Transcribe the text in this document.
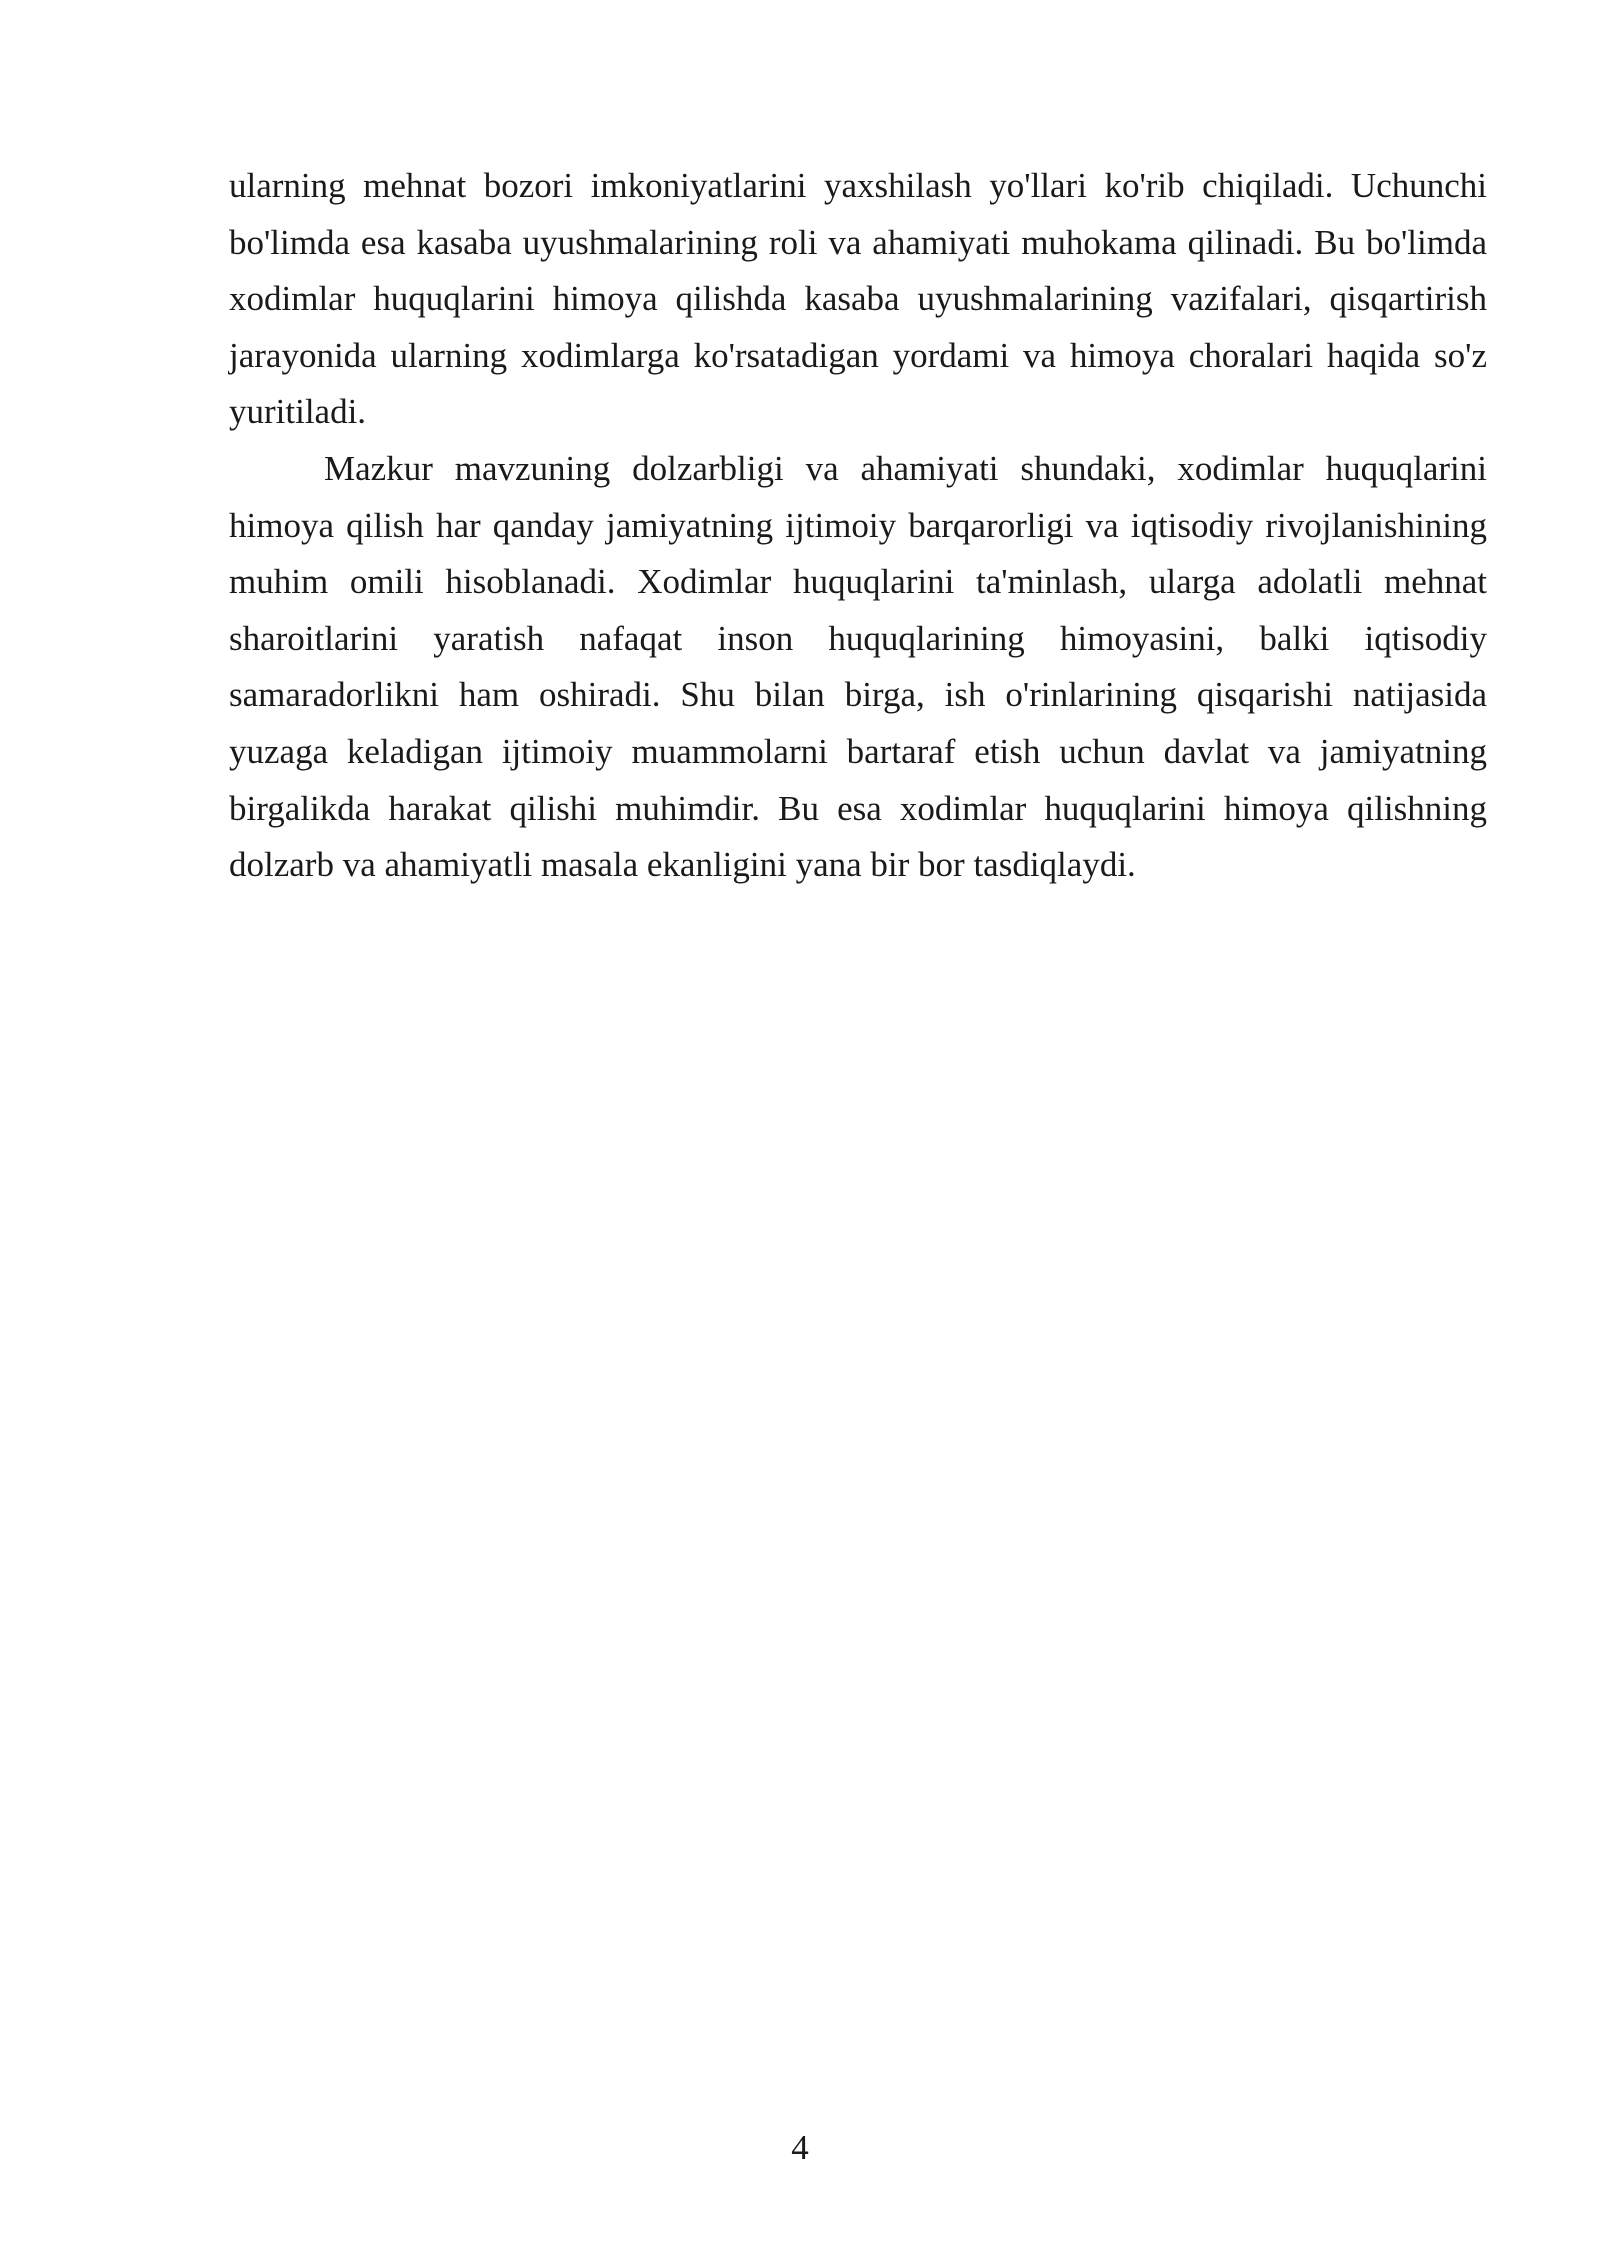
ularning mehnat bozori imkoniyatlarini yaxshilash yo'llari ko'rib chiqiladi. Uchunchi bo'limda esa kasaba uyushmalarining roli va ahamiyati muhokama qilinadi. Bu bo'limda xodimlar huquqlarini himoya qilishda kasaba uyushmalarining vazifalari, qisqartirish jarayonida ularning xodimlarga ko'rsatadigan yordami va himoya choralari haqida so'z yuritiladi.

Mazkur mavzuning dolzarbligi va ahamiyati shundaki, xodimlar huquqlarini himoya qilish har qanday jamiyatning ijtimoiy barqarorligi va iqtisodiy rivojlanishining muhim omili hisoblanadi. Xodimlar huquqlarini ta'minlash, ularga adolatli mehnat sharoitlarini yaratish nafaqat inson huquqlarining himoyasini, balki iqtisodiy samaradorlikni ham oshiradi. Shu bilan birga, ish o'rinlarining qisqarishi natijasida yuzaga keladigan ijtimoiy muammolarni bartaraf etish uchun davlat va jamiyatning birgalikda harakat qilishi muhimdir. Bu esa xodimlar huquqlarini himoya qilishning dolzarb va ahamiyatli masala ekanligini yana bir bor tasdiqlaydi.

4
